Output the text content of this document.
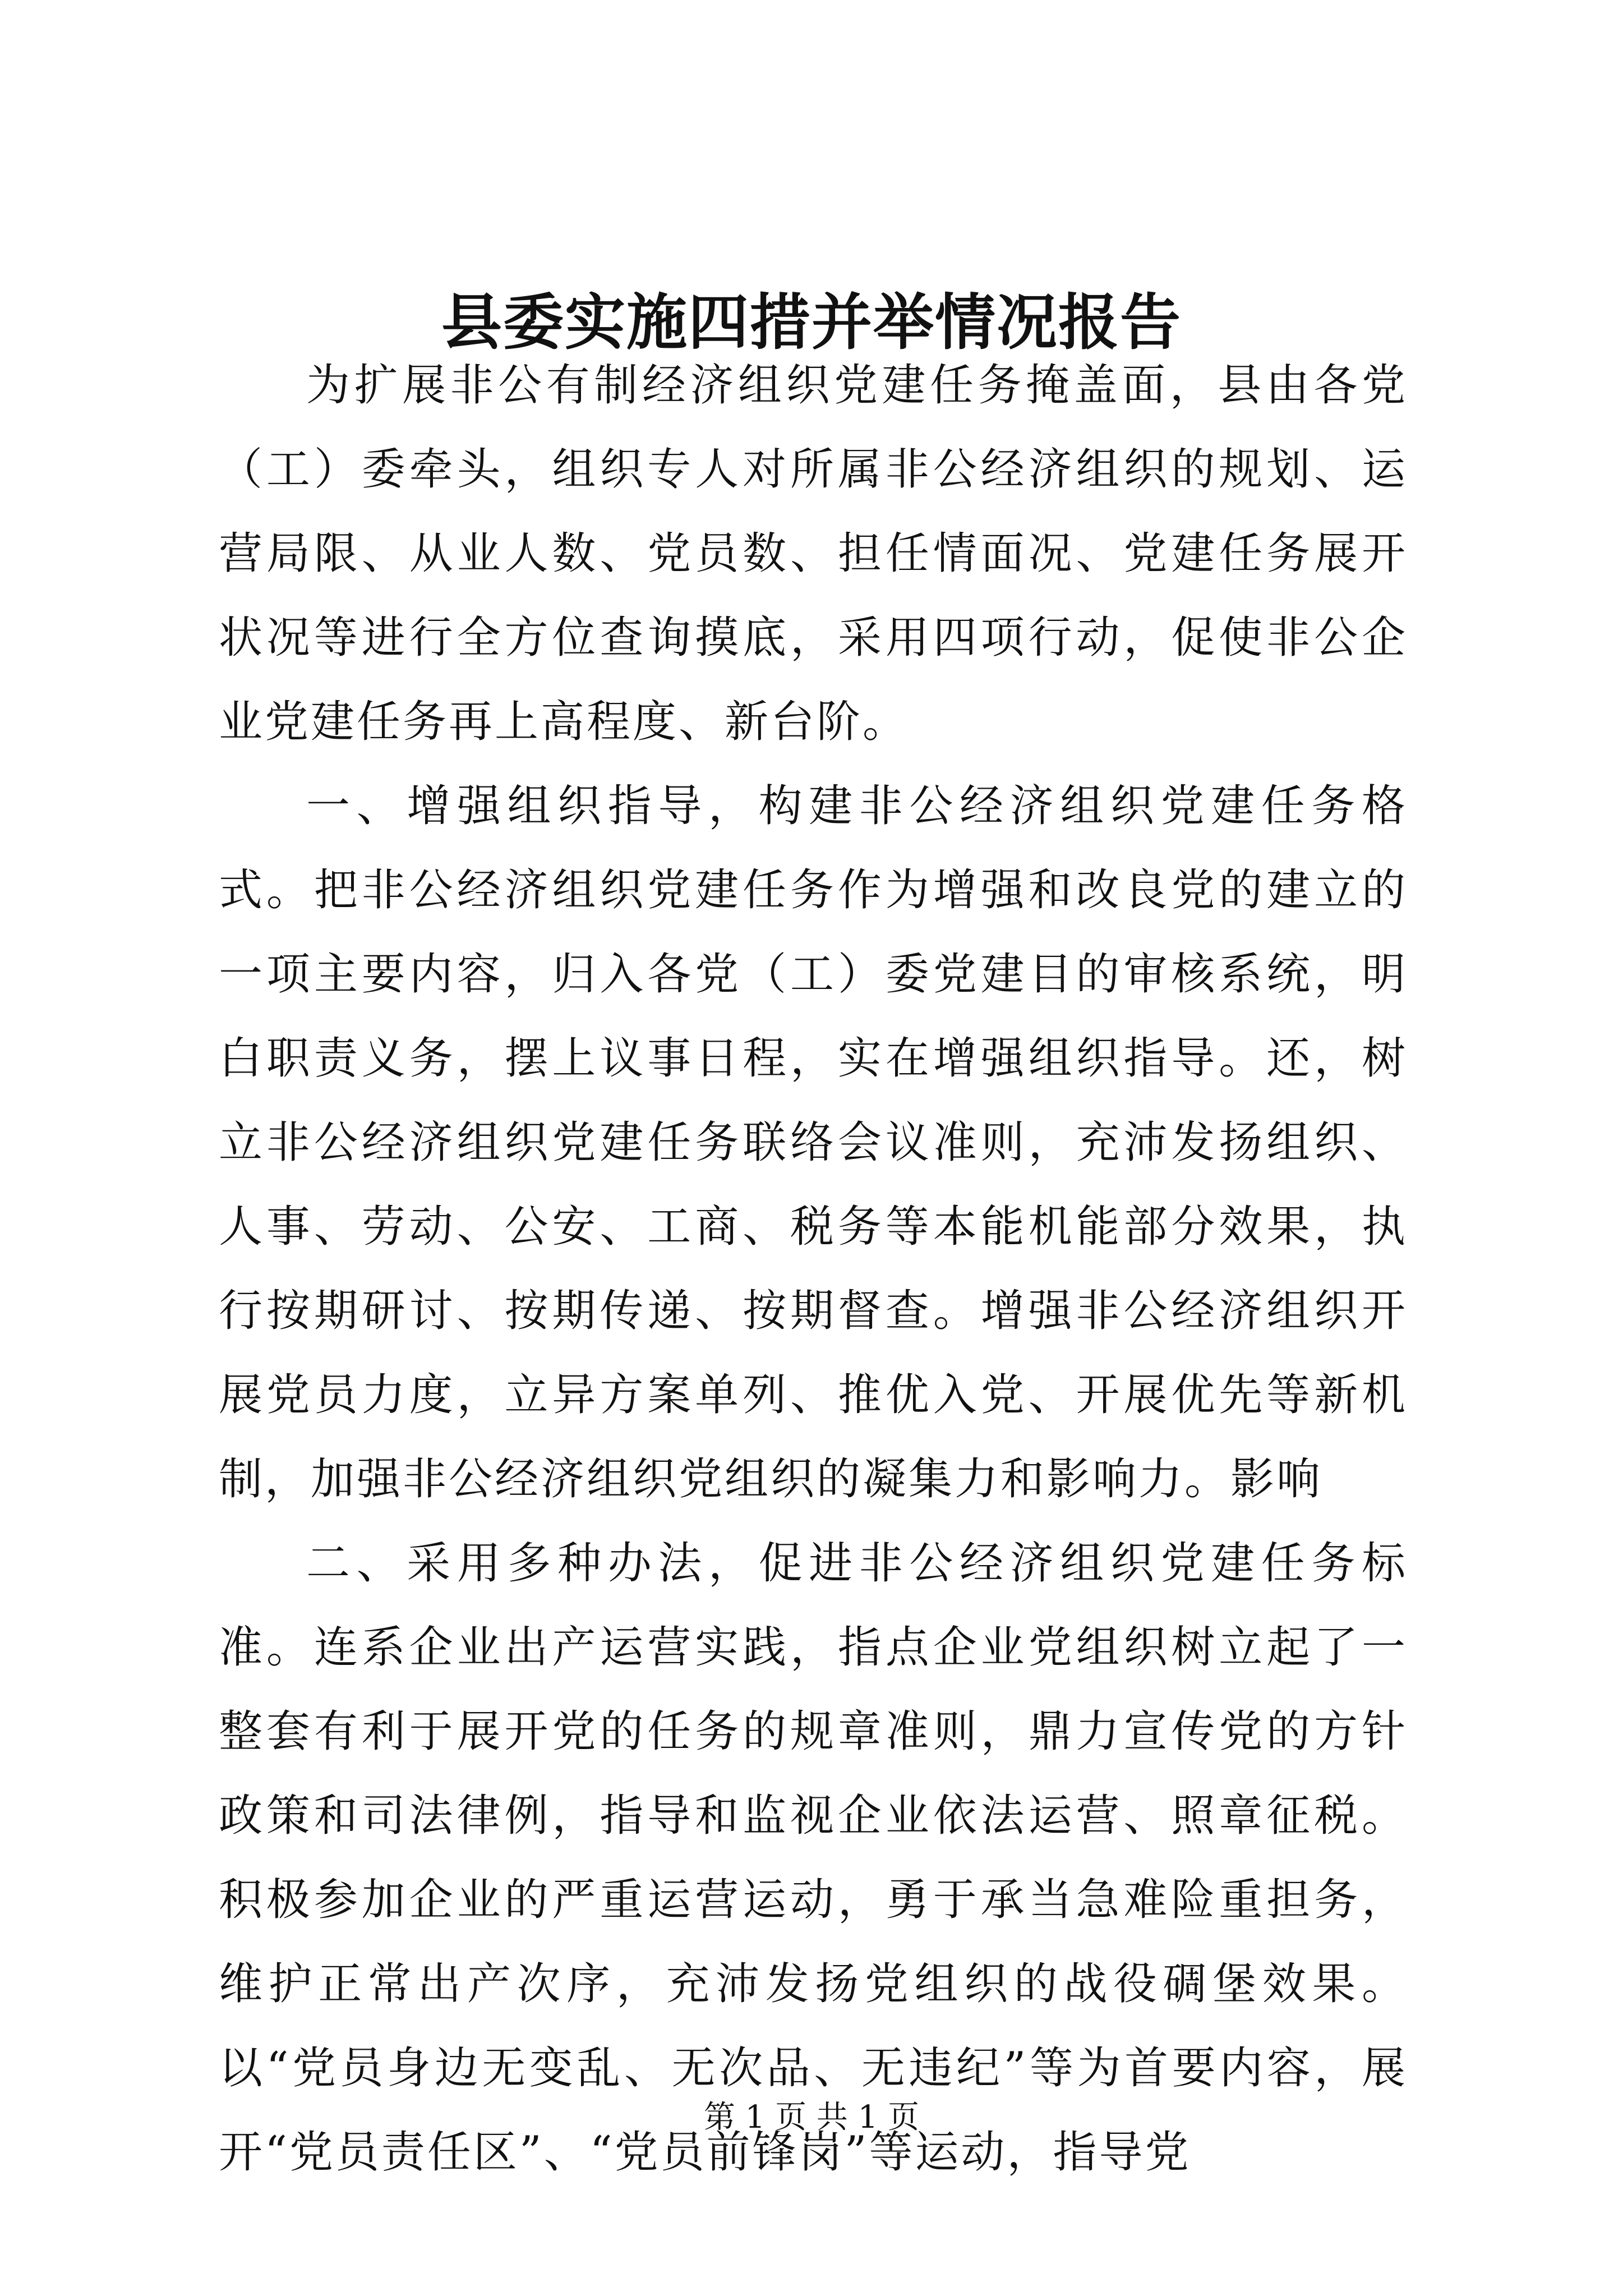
县委实施四措并举情况报告

为扩展非公有制经济组织党建任务掩盖面，县由各党（工）委牵头，组织专人对所属非公经济组织的规划、运营局限、从业人数、党员数、担任情面况、党建任务展开状况等进行全方位查询摸底，采用四项行动，促使非公企业党建任务再上高程度、新台阶。

一、增强组织指导，构建非公经济组织党建任务格式。把非公经济组织党建任务作为增强和改良党的建立的一项主要内容，归入各党（工）委党建目的审核系统，明白职责义务，摆上议事日程，实在增强组织指导。还，树立非公经济组织党建任务联络会议准则，充沛发扬组织、人事、劳动、公安、工商、税务等本能机能部分效果，执行按期研讨、按期传递、按期督查。增强非公经济组织开展党员力度，立异方案单列、推优入党、开展优先等新机制，加强非公经济组织党组织的凝集力和影响力。影响

二、采用多种办法，促进非公经济组织党建任务标准。连系企业出产运营实践，指点企业党组织树立起了一整套有利于展开党的任务的规章准则，鼎力宣传党的方针政策和司法律例，指导和监视企业依法运营、照章征税。积极参加企业的严重运营运动，勇于承当急难险重担务，维护正常出产次序，充沛发扬党组织的战役碉堡效果。以“党员身边无变乱、无次品、无违纪”等为首要内容，展开“党员责任区”、“党员前锋岗”等运动，指导党

第 1 页 共 1 页
